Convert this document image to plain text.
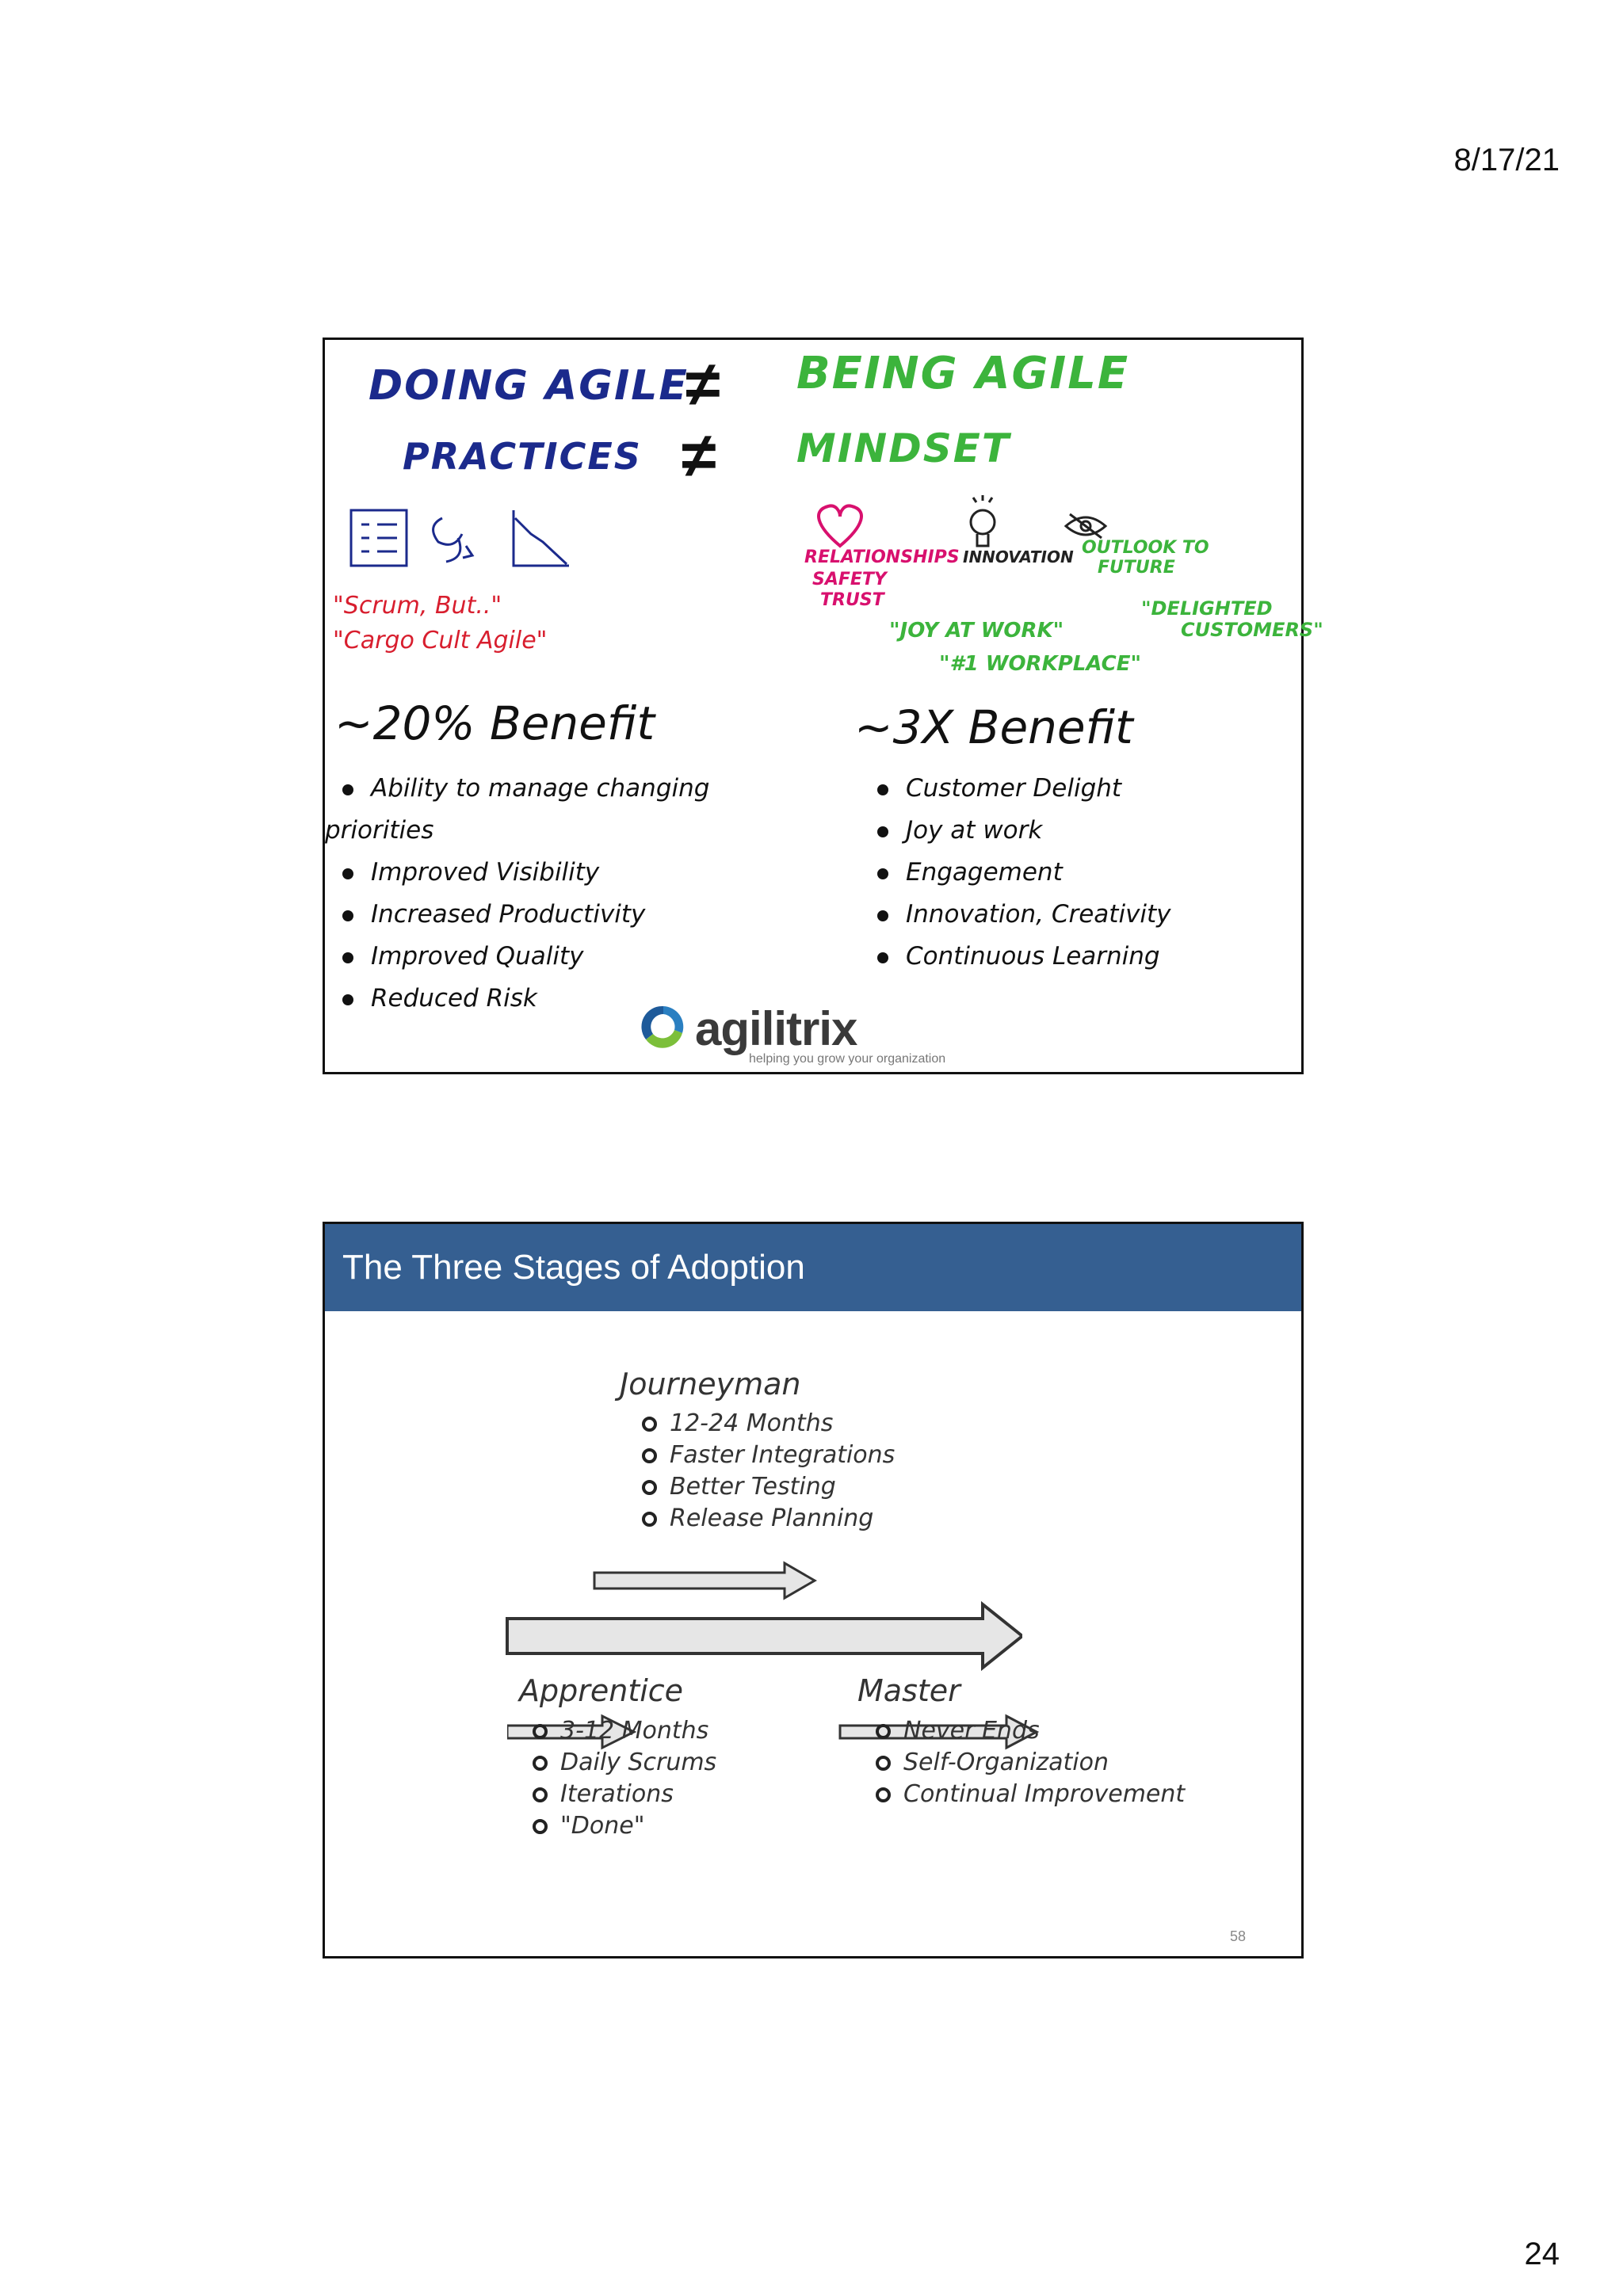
8/17/21
DOING AGILE
≠ BEING AGILE
PRACTICES ≠ MINDSET
"Scrum, But.."
"Cargo Cult Agile"
RELATIONSHIPS
SAFETY
TRUST
INNOVATION OUTLOOK TO
FUTURE
"JOY AT WORK"
"#1 WORKPLACE"
"DELIGHTED
CUSTOMERS"
~20% Benefit	~3X Benefit
Ability to manage changing
priorities
Improved Visibility
Increased Productivity
Improved Quality
Reduced Risk
Customer Delight
Joy at work
Engagement
Innovation, Creativity
Continuous Learning
agilitrix
helping you grow your organization
The Three Stages of Adoption
Journeyman
12-24 Months
Faster Integrations
Better Testing
Release Planning
Apprentice
3-12 Months
Daily Scrums
Iterations
"Done"
Master
Never Ends
Self-Organization
Continual Improvement
58
24
